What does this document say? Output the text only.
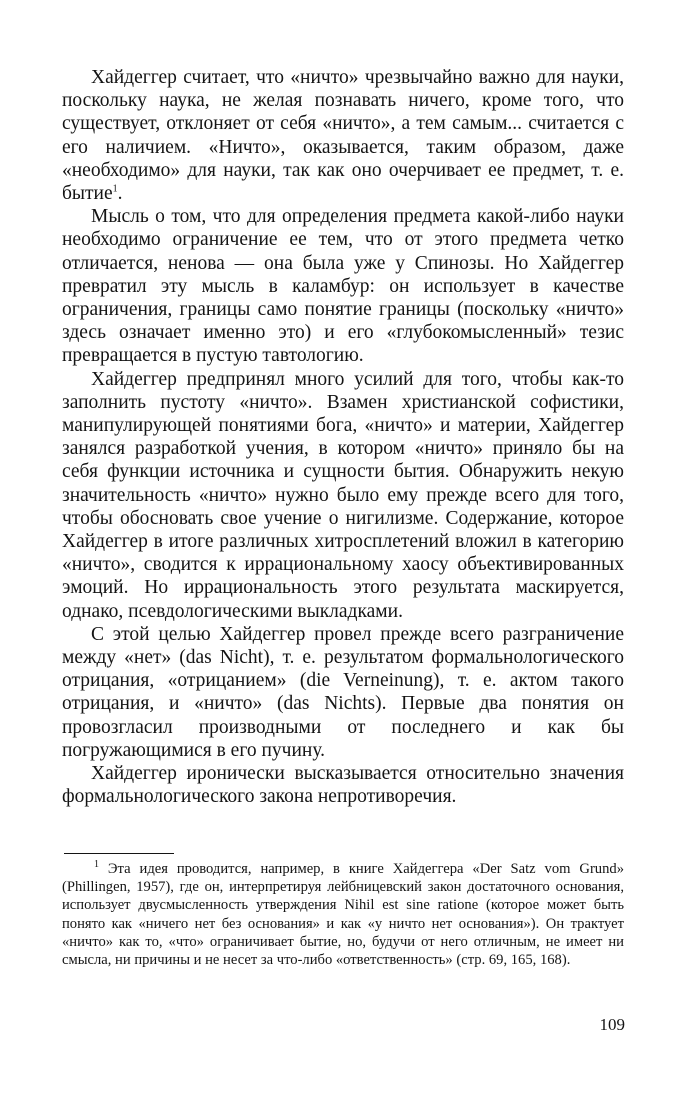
Хайдеггер считает, что «ничто» чрезвычайно важно для науки, поскольку наука, не желая познавать ничего, кроме того, что существует, отклоняет от себя «ничто», а тем самым... считается с его наличием. «Ничто», оказывается, таким образом, даже «необходимо» для науки, так как оно очерчивает ее предмет, т. е. бытие$^1$.

Мысль о том, что для определения предмета какой-либо науки необходимо ограничение ее тем, что от этого предмета четко отличается, ненова — она была уже у Спинозы. Но Хайдеггер превратил эту мысль в каламбур: он использует в качестве ограничения, границы само понятие границы (поскольку «ничто» здесь означает именно это) и его «глубокомысленный» тезис превращается в пустую тавтологию.

Хайдеггер предпринял много усилий для того, чтобы как-то заполнить пустоту «ничто». Взамен христианской софистики, манипулирующей понятиями бога, «ничто» и материи, Хайдеггер занялся разработкой учения, в котором «ничто» приняло бы на себя функции источника и сущности бытия. Обнаружить некую значительность «ничто» нужно было ему прежде всего для того, чтобы обосновать свое учение о нигилизме. Содержание, которое Хайдеггер в итоге различных хитросплетений вложил в категорию «ничто», сводится к иррациональному хаосу объективированных эмоций. Но иррациональность этого результата маскируется, однако, псевдологическими выкладками.

С этой целью Хайдеггер провел прежде всего разграничение между «нет» (das Nicht), т. е. результатом формальнологического отрицания, «отрицанием» (die Verneinung), т. е. актом такого отрицания, и «ничто» (das Nichts). Первые два понятия он провозгласил производными от последнего и как бы погружающимися в его пучину.

Хайдеггер иронически высказывается относительно значения формальнологического закона непротиворечия.

$^1$ Эта идея проводится, например, в книге Хайдеггера «Der Satz vom Grund» (Phillingen, 1957), где он, интерпретируя лейбницевский закон достаточного основания, использует двусмысленность утверждения Nihil est sine ratione (которое может быть понято как «ничего нет без основания» и как «у ничто нет основания»). Он трактует «ничто» как то, «что» ограничивает бытие, но, будучи от него отличным, не имеет ни смысла, ни причины и не несет за что-либо «ответственность» (стр. 69, 165, 168).

109
